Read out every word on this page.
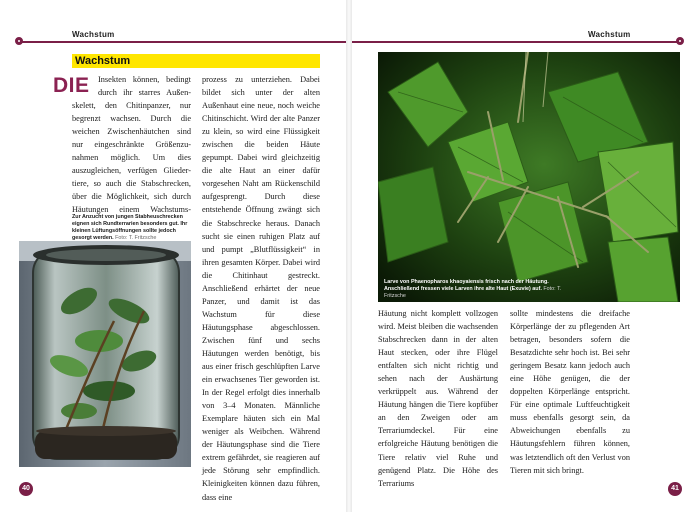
Wachstum
Wachstum
DIE Insekten können, bedingt
durch ihr starres Außen-
skelett, den Chitinpanzer, nur
begrenzt wachsen. Durch die
weichen Zwischenhäutchen sind
nur eingeschränkte Größenzu-
nahmen möglich. Um dies
auszugleichen, verfügen Glieder-
tiere, so auch die Stabschrecken,
über die Möglichkeit, sich durch
Häutungen einem Wachstums-
Zur Anzucht von jungen Stabheuschrecken eignen sich Rundterrarien besonders gut. Ihr kleinen Lüftungsöffnungen sollte jedoch gesorgt werden. Foto: T. Fritzsche
prozess zu unterziehen. Dabei bildet sich unter der alten Außenhaut eine neue, noch weiche Chitinschicht. Wird der alte Panzer zu klein, so wird eine Flüssigkeit zwischen die beiden Häute gepumpt. Dabei wird gleichzeitig die alte Haut an einer dafür vorgesehen Naht am Rückenschild aufgesprengt. Durch diese entstehende Öffnung zwängt sich die Stabschrecke heraus. Danach sucht sie einen ruhigen Platz auf und pumpt „Blutflüssigkeit“ in ihren gesamten Körper. Dabei wird die Chitinhaut gestreckt. Anschließend erhärtet der neue Panzer, und damit ist das Wachstum für diese Häutungsphase abgeschlossen. Zwischen fünf und sechs Häutungen werden benötigt, bis aus einer frisch geschlüpften Larve ein erwachsenes Tier geworden ist. In der Regel erfolgt dies innerhalb von 3–4 Monaten. Männliche Exemplare häuten sich ein Mal weniger als Weibchen. Während der Häutungsphase sind die Tiere extrem gefährdet, sie reagieren auf jede Störung sehr empfindlich. Kleinigkeiten können dazu führen, dass eine
40
Wachstum
Larve von Phaenopharos khaoyaiensis frisch nach der Häutung. Anschließend fressen viele Larven ihre alte Haut (Exuvie) auf. Foto: T. Fritzsche
Häutung nicht komplett vollzogen wird. Meist bleiben die wachsenden Stabschrecken dann in der alten Haut stecken, oder ihre Flügel entfalten sich nicht richtig und sehen nach der Aushärtung verkrüppelt aus. Während der Häutung hängen die Tiere kopfüber an den Zweigen oder am Terrariumdeckel. Für eine erfolgreiche Häutung benötigen die Tiere relativ viel Ruhe und genügend Platz. Die Höhe des Terrariums
sollte mindestens die dreifache Körperlänge der zu pflegenden Art betragen, besonders sofern die Besatzdichte sehr hoch ist. Bei sehr geringem Besatz kann jedoch auch eine Höhe genügen, die der doppelten Körperlänge entspricht. Für eine optimale Luftfeuchtigkeit muss ebenfalls gesorgt sein, da Abweichungen ebenfalls zu Häutungsfehlern führen können, was letztendlich oft den Verlust von Tieren mit sich bringt.
41
